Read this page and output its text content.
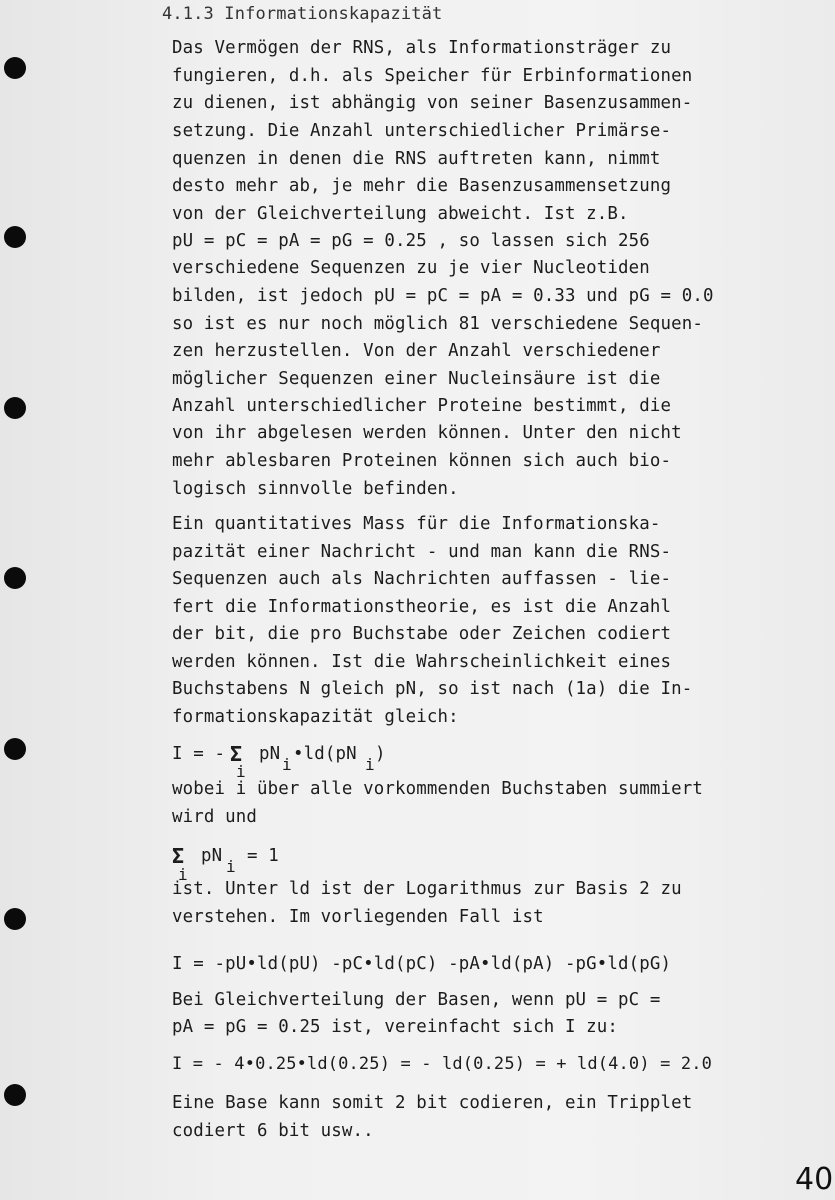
4.1.3 Informationskapazität
Das Vermögen der RNS, als Informationsträger zu
fungieren, d.h. als Speicher für Erbinformationen
zu dienen, ist abhängig von seiner Basenzusammen-
setzung. Die Anzahl unterschiedlicher Primärse-
quenzen in denen die RNS auftreten kann, nimmt
desto mehr ab, je mehr die Basenzusammensetzung
von der Gleichverteilung abweicht. Ist z.B.
pU = pC = pA = pG = 0.25 , so lassen sich 256
verschiedene Sequenzen zu je vier Nucleotiden
bilden, ist jedoch pU = pC = pA = 0.33 und pG = 0.0
so ist es nur noch möglich 81 verschiedene Sequen-
zen herzustellen. Von der Anzahl verschiedener
möglicher Sequenzen einer Nucleinsäure ist die
Anzahl unterschiedlicher Proteine bestimmt, die
von ihr abgelesen werden können. Unter den nicht
mehr ablesbaren Proteinen können sich auch bio-
logisch sinnvolle befinden.
Ein quantitatives Mass für die Informationska-
pazität einer Nachricht - und man kann die RNS-
Sequenzen auch als Nachrichten auffassen - lie-
fert die Informationstheorie, es ist die Anzahl
der bit, die pro Buchstabe oder Zeichen codiert
werden können. Ist die Wahrscheinlichkeit eines
Buchstabens N gleich pN, so ist nach (1a) die In-
formationskapazität gleich:
I = - Σ
i
pN
i
•ld(pN
i
)
wobei i über alle vorkommenden Buchstaben summiert
wird und
Σ
i
pN
i
= 1
ist. Unter ld ist der Logarithmus zur Basis 2 zu
verstehen. Im vorliegenden Fall ist
I = -pU•ld(pU) -pC•ld(pC) -pA•ld(pA) -pG•ld(pG)
Bei Gleichverteilung der Basen, wenn pU = pC =
pA = pG = 0.25 ist, vereinfacht sich I zu:
I = - 4•0.25•ld(0.25) = - ld(0.25) = + ld(4.0) = 2.0
Eine Base kann somit 2 bit codieren, ein Tripplet
codiert 6 bit usw..
40
